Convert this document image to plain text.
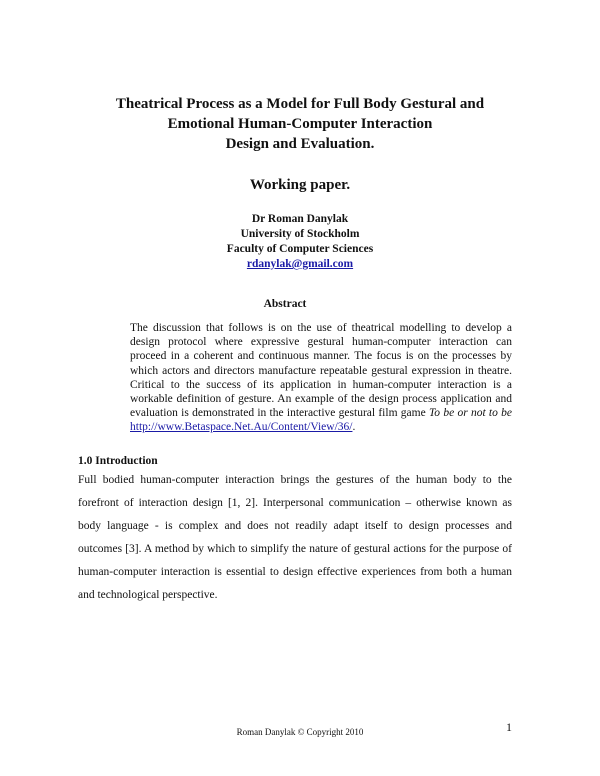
Theatrical Process as a Model for Full Body Gestural and
Emotional Human-Computer Interaction
Design and Evaluation.
Working paper.
Dr Roman Danylak
University of Stockholm
Faculty of Computer Sciences
rdanylak@gmail.com
Abstract
The discussion that follows is on the use of theatrical modelling to develop a design protocol where expressive gestural human-computer interaction can proceed in a coherent and continuous manner. The focus is on the processes by which actors and directors manufacture repeatable gestural expression in theatre. Critical to the success of its application in human-computer interaction is a workable definition of gesture. An example of the design process application and evaluation is demonstrated in the interactive gestural film game To be or not to be http://www.Betaspace.Net.Au/Content/View/36/.
1.0 Introduction
Full bodied human-computer interaction brings the gestures of the human body to the forefront of interaction design [1, 2]. Interpersonal communication – otherwise known as body language - is complex and does not readily adapt itself to design processes and outcomes [3]. A method by which to simplify the nature of gestural actions for the purpose of human-computer interaction is essential to design effective experiences from both a human and technological perspective.
Roman Danylak © Copyright 2010	1
